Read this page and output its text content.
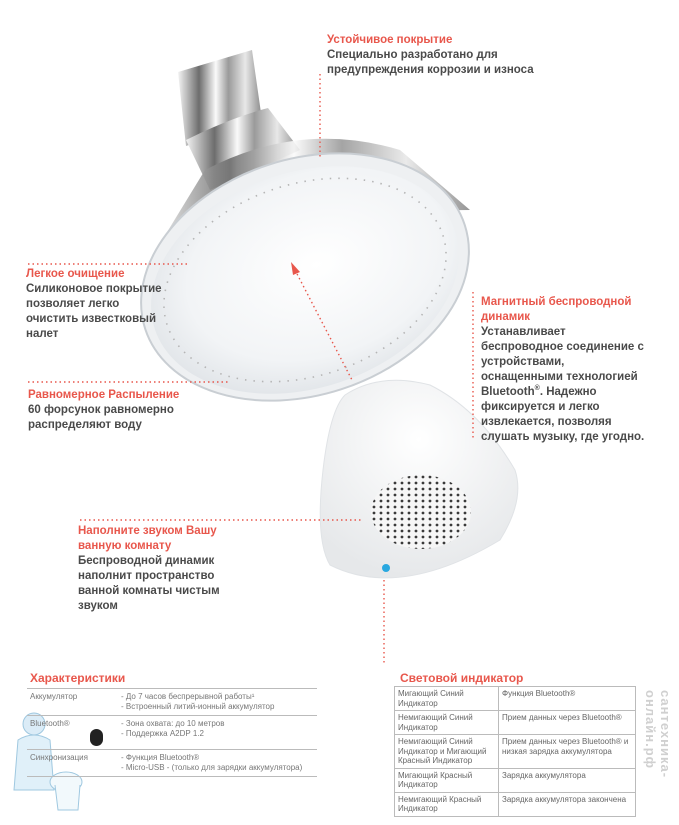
Устойчивое покрытие
Специально разработано для предупреждения коррозии и износа
Легкое очищение
Силиконовое покрытие позволяет легко очистить известковый налет
Равномерное Распыление
60 форсунок равномерно распределяют воду
Магнитный беспроводной динамик
Устанавливает беспроводное соединение с устройствами, оснащенными технологией Bluetooth®. Надежно фиксируется и легко извлекается, позволяя слушать музыку, где угодно.
Наполните звуком Вашу ванную комнату
Беспроводной динамик наполнит пространство ванной комнаты чистым звуком
Характеристики
Аккумулятор	- До 7 часов беспрерывной работы¹
- Встроенный литий-ионный аккумулятор

Bluetooth®	- Зона охвата: до 10 метров
- Поддержка A2DP 1.2

Синхронизация	- Функция Bluetooth®
- Micro-USB - (только для зарядки аккумулятора)
Световой индикатор
Мигающий Синий Индикатор	Функция Bluetooth®
Немигающий Синий Индикатор	Прием данных через Bluetooth®
Немигающий Синий Индикатор и Мигающий Красный Индикатор	Прием данных через Bluetooth® и низкая зарядка аккумулятора
Мигающий Красный Индикатор	Зарядка аккумулятора
Немигающий Красный Индикатор	Зарядка аккумулятора закончена
сантехника-онлайн.рф
